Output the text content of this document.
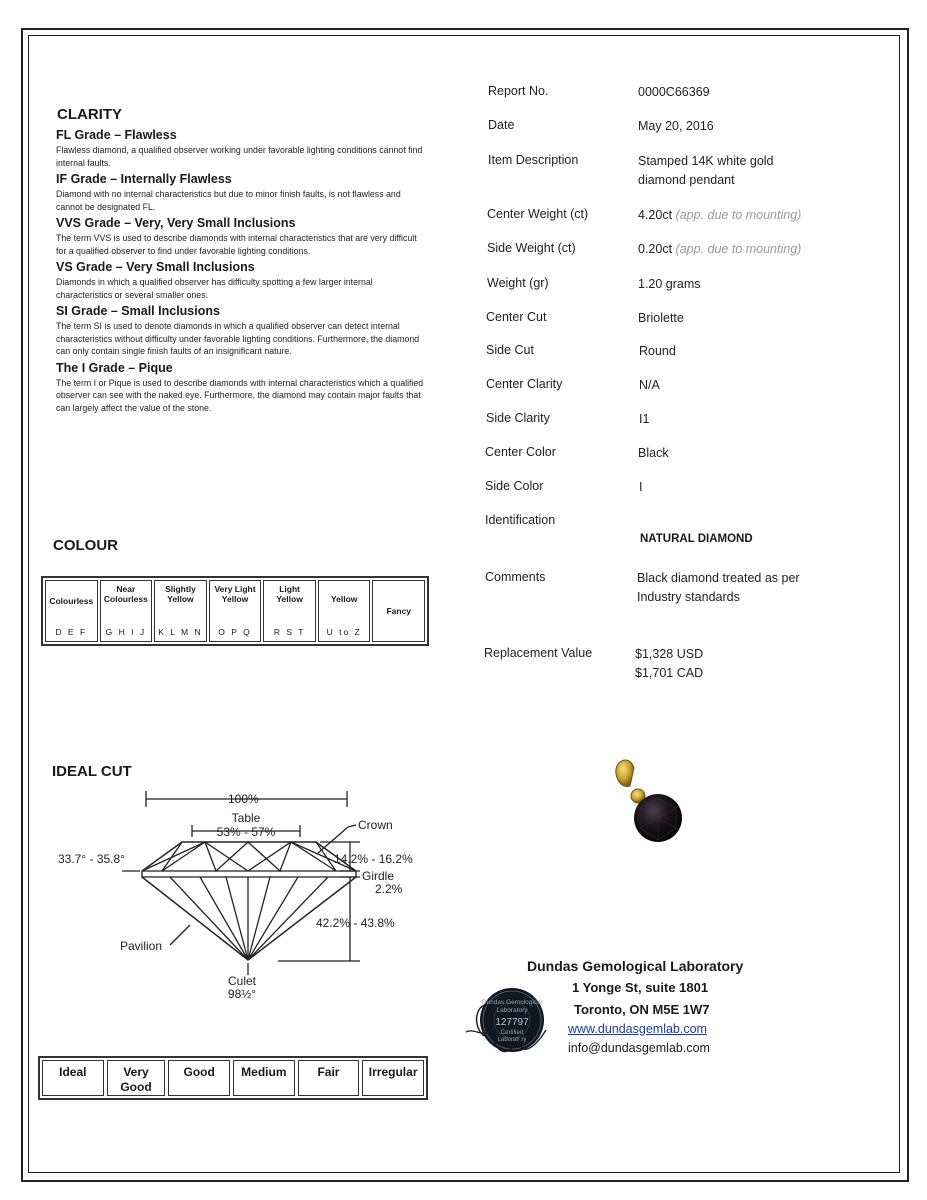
CLARITY
FL Grade – Flawless
Flawless diamond, a qualified observer working under favorable lighting conditions cannot find internal faults.
IF Grade – Internally Flawless
Diamond with no internal characteristics but due to minor finish faults, is not flawless and cannot be designated FL.
VVS Grade – Very, Very Small Inclusions
The term VVS is used to describe diamonds with internal characteristics that are very difficult for a qualified observer to find under favorable lighting conditions.
VS Grade – Very Small Inclusions
Diamonds in which a qualified observer has difficulty spotting a few larger internal characteristics or several smaller ones.
SI Grade – Small Inclusions
The term SI is used to denote diamonds in which a qualified observer can detect internal characteristics without difficulty under favorable lighting conditions. Furthermore, the diamond can only contain single finish faults of an insignificant nature.
The I Grade – Pique
The term I or Pique is used to describe diamonds with internal characteristics which a qualified observer can see with the naked eye. Furthermore, the diamond may contain major faults that can largely affect the value of the stone.
COLOUR
Colourless
D E F
Near Colourless
G H I J
Slightly Yellow
K L M N
Very Light Yellow
O P Q
Light Yellow
R S T
Yellow
U to Z
Fancy
IDEAL CUT
100%
Table
53% - 57%	Crown
33.7° - 35.8°	14.2% - 16.2%
Girdle
2.2%
42.2% - 43.8%
Pavilion
Culet
98½°
Ideal	Very Good
Good	Medium	Fair	Irregular
Report No.	0000C66369
Date	May 20, 2016
Item Description	Stamped 14K white gold diamond pendant
Center Weight (ct)	4.20ct (app. due to mounting)
Side Weight (ct)	0.20ct (app. due to mounting)
Weight (gr)	1.20 grams
Center Cut	Briolette
Side Cut	Round
Center Clarity	N/A
Side Clarity	I1
Center Color	Black
Side Color	I
Identification
NATURAL DIAMOND
Comments	Black diamond treated as per Industry standards
Replacement Value	$1,328 USD
$1,701 CAD
Dundas Gemological Laboratory
1 Yonge St, suite 1801
Toronto, ON M5E 1W7
www.dundasgemlab.com
info@dundasgemlab.com
Dundas Gemological
Laboratory
127797
Certified
Laboratory
